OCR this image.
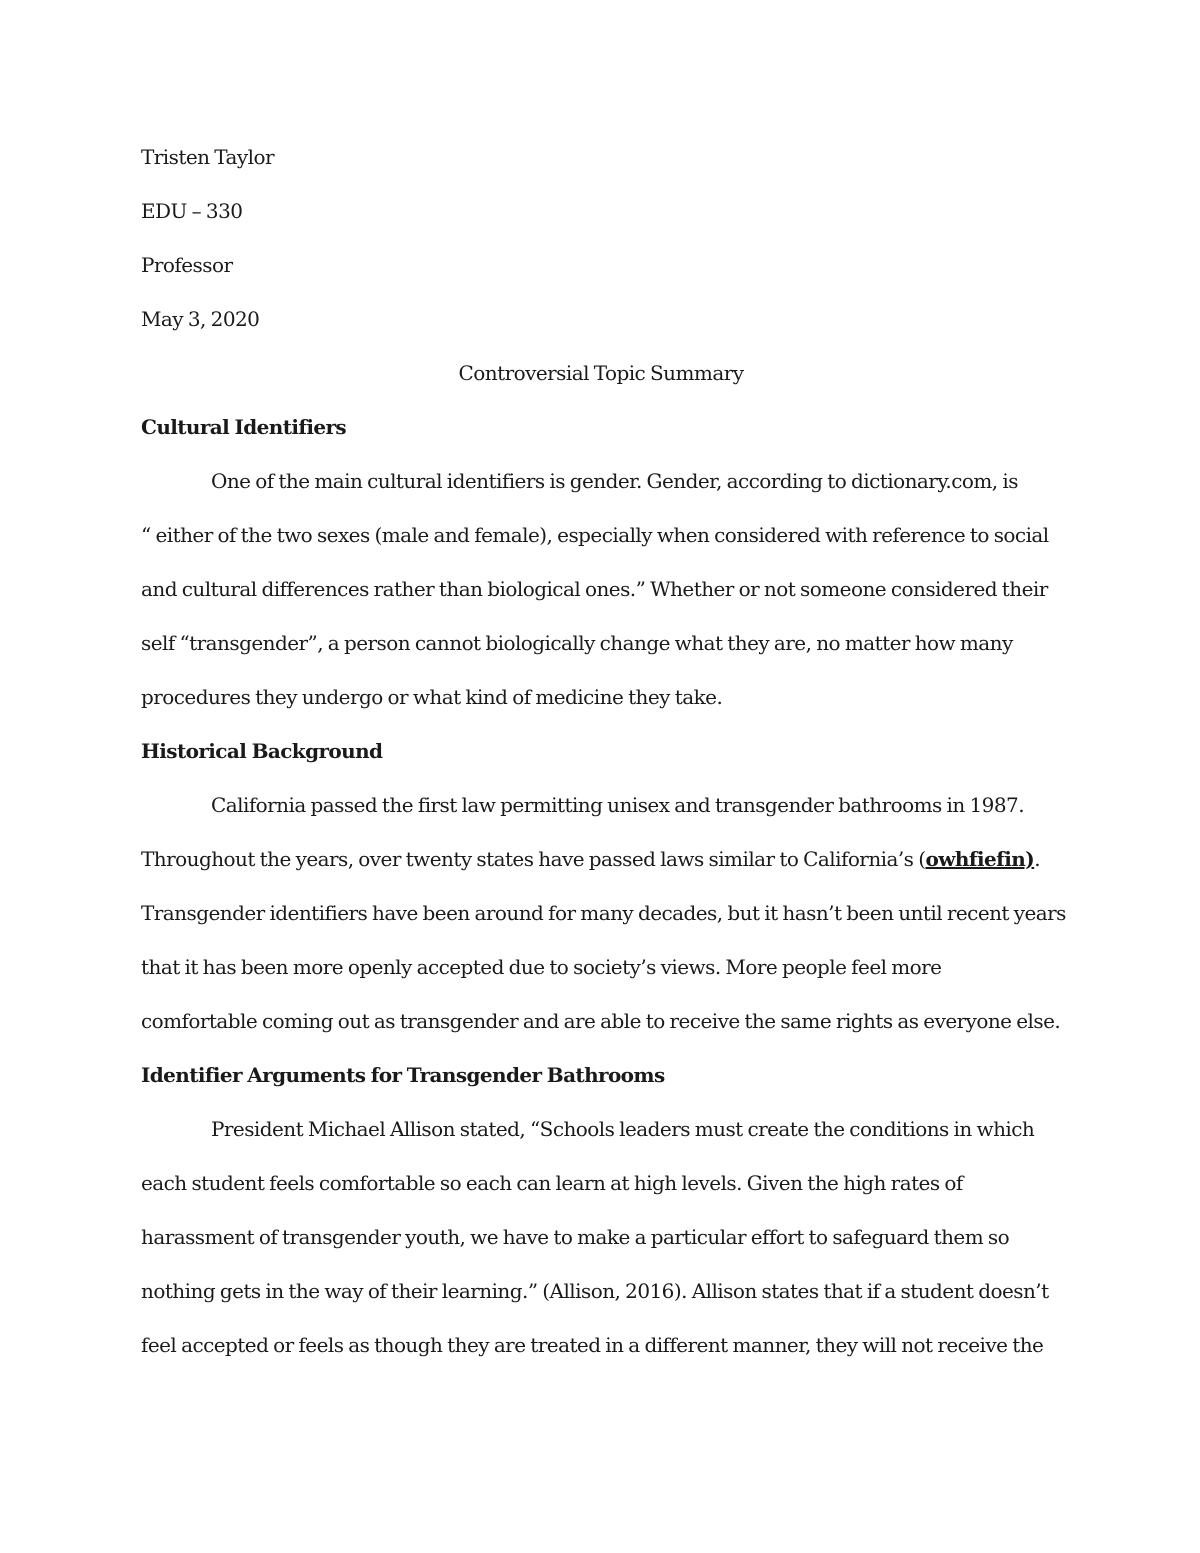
Tristen Taylor
EDU – 330
Professor
May 3, 2020
Controversial Topic Summary
Cultural Identifiers
One of the main cultural identifiers is gender. Gender, according to dictionary.com, is
“ either of the two sexes (male and female), especially when considered with reference to social
and cultural differences rather than biological ones.” Whether or not someone considered their
self “transgender”, a person cannot biologically change what they are, no matter how many
procedures they undergo or what kind of medicine they take.
Historical Background
California passed the first law permitting unisex and transgender bathrooms in 1987.
Throughout the years, over twenty states have passed laws similar to California’s (owhfiefin).
Transgender identifiers have been around for many decades, but it hasn’t been until recent years
that it has been more openly accepted due to society’s views. More people feel more
comfortable coming out as transgender and are able to receive the same rights as everyone else.
Identifier Arguments for Transgender Bathrooms
President Michael Allison stated, “Schools leaders must create the conditions in which
each student feels comfortable so each can learn at high levels. Given the high rates of
harassment of transgender youth, we have to make a particular effort to safeguard them so
nothing gets in the way of their learning.” (Allison, 2016). Allison states that if a student doesn’t
feel accepted or feels as though they are treated in a different manner, they will not receive the
